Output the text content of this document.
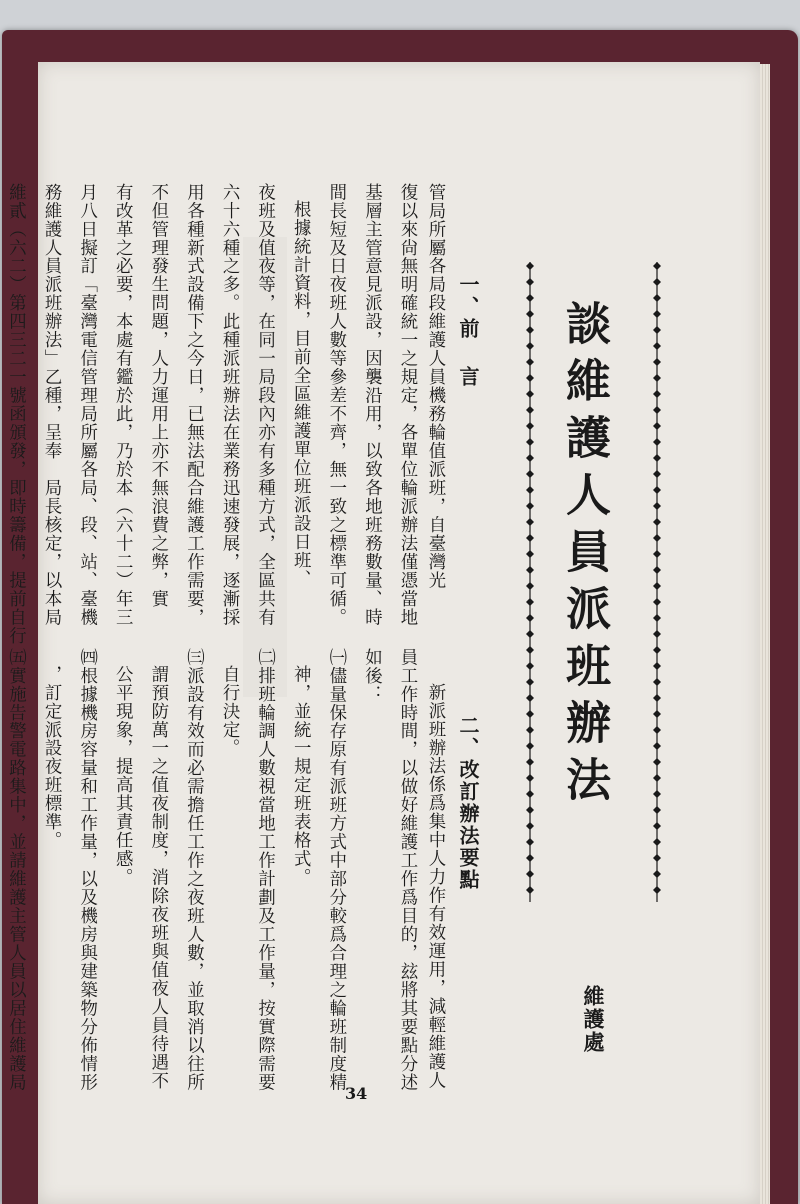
談維護人員派班辦法
維護處
一、前 言
二、改訂辦法要點
管局所屬各局段維護人員機務輪值派班，自臺灣光
復以來尙無明確統一之規定，各單位輪派辦法僅憑當地
基層主管意見派設，因襲沿用，以致各地班務數量、時
間長短及日夜班人數等參差不齊，無一致之標準可循。
根據統計資料，目前全區維護單位班派設日班、
夜班及值夜等，在同一局段內亦有多種方式，全區共有
六十六種之多。此種派班辦法在業務迅速發展，逐漸採
用各種新式設備下之今日，已無法配合維護工作需要，
不但管理發生問題，人力運用上亦不無浪費之弊，實
有改革之必要，本處有鑑於此，乃於本（六十二）年三
月八日擬訂「臺灣電信管理局所屬各局、段、站、臺機
務維護人員派班辦法」乙種，呈奉　局長核定，以本局
維貳（六二）第四三二一號函頒發，即時籌備，提前自行
新派班辦法係爲集中人力作有效運用，減輕維護人
員工作時間，以做好維護工作爲目的，玆將其要點分述
如後：
㈠儘量保存原有派班方式中部分較爲合理之輪班制度精
神，並統一規定班表格式。
㈡排班輪調人數視當地工作計劃及工作量，按實際需要
自行決定。
㈢派設有效而必需擔任工作之夜班人數，並取消以往所
謂預防萬一之值夜制度，消除夜班與值夜人員待遇不
公平現象，提高其責任感。
㈣根據機房容量和工作量，以及機房與建築物分佈情形
，訂定派設夜班標準。
㈤實施告警電路集中，並請維護主管人員以居住維護局
34
